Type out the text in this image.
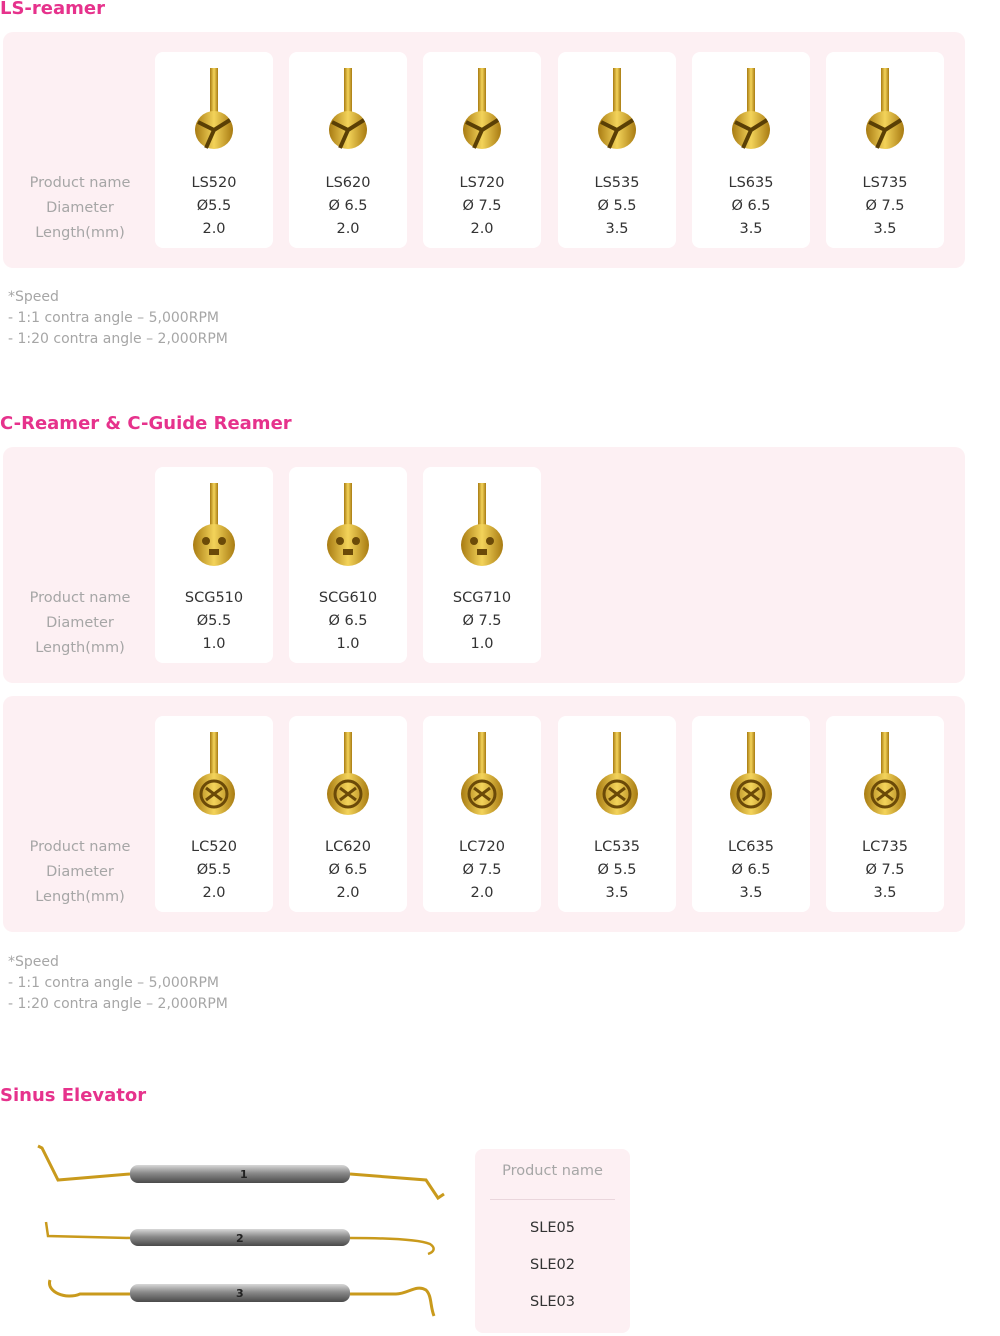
LS-reamer
Product name
Diameter
Length(mm)
LS520
Ø5.5
2.0
LS620
Ø 6.5
2.0
LS720
Ø 7.5
2.0
LS535
Ø 5.5
3.5
LS635
Ø 6.5
3.5
LS735
Ø 7.5
3.5
*Speed
- 1:1 contra angle – 5,000RPM
- 1:20 contra angle – 2,000RPM
C-Reamer & C-Guide Reamer
Product name
Diameter
Length(mm)
SCG510
Ø5.5
1.0
SCG610
Ø 6.5
1.0
SCG710
Ø 7.5
1.0
Product name
Diameter
Length(mm)
LC520
Ø5.5
2.0
LC620
Ø 6.5
2.0
LC720
Ø 7.5
2.0
LC535
Ø 5.5
3.5
LC635
Ø 6.5
3.5
LC735
Ø 7.5
3.5
*Speed
- 1:1 contra angle – 5,000RPM
- 1:20 contra angle – 2,000RPM
Sinus Elevator
1
2
3
Product name
SLE05
SLE02
SLE03
